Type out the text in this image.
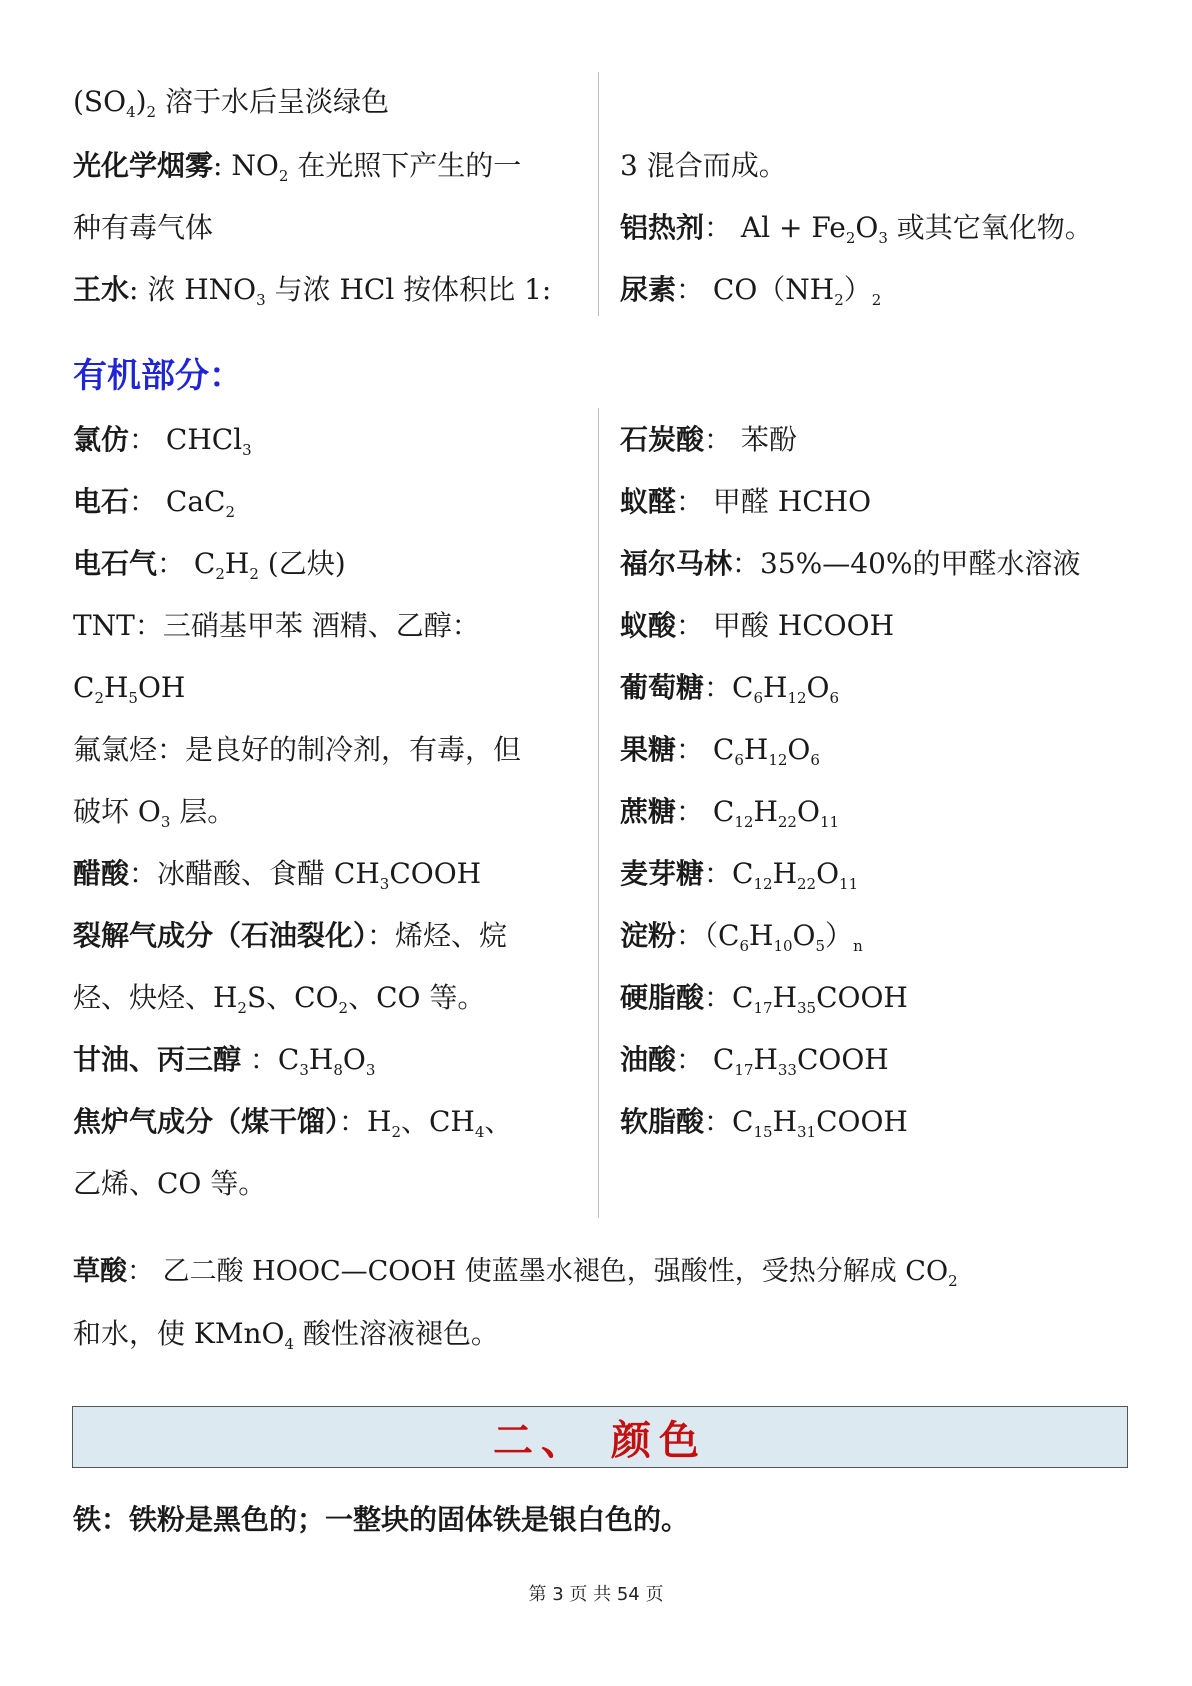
$(SO_4)_2$ 溶于水后呈淡绿色
光化学烟雾: $NO_2$ 在光照下产生的一
种有毒气体
王水: 浓 $HNO_3$ 与浓 HCl 按体积比 1:
3 混合而成。
铝热剂： $Al + Fe_2O_3$ 或其它氧化物。
尿素： $CO(NH_2)_2$
有机部分：
氯仿： CHCl$_3$
电石： CaC$_2$
电石气： $C_2H_2$ (乙炔)
TNT：三硝基甲苯 酒精、乙醇：
$C_2H_5OH$
氟氯烃：是良好的制冷剂，有毒，但
破坏 $O_3$ 层。
醋酸：冰醋酸、食醋 $CH_3COOH$
裂解气成分（石油裂化）：烯烃、烷
烃、炔烃、$H_2S$、$CO_2$、CO 等。
甘油、丙三醇 ：$C_3H_8O_3$
焦炉气成分（煤干馏）：$H_2$、$CH_4$、
乙烯、CO 等。
石炭酸： 苯酚
蚁醛： 甲醛 HCHO
福尔马林：35%—40%的甲醛水溶液
蚁酸： 甲酸 HCOOH
葡萄糖：$C_6H_{12}O_6$
果糖： $C_6H_{12}O_6$
蔗糖： $C_{12}H_{22}O_{11}$
麦芽糖：$C_{12}H_{22}O_{11}$
淀粉：$(C_6H_{10}O_5)_n$
硬脂酸：$C_{17}H_{35}COOH$
油酸： $C_{17}H_{33}COOH$
软脂酸：$C_{15}H_{31}COOH$
草酸： 乙二酸 HOOC—COOH 使蓝墨水褪色，强酸性，受热分解成 $CO_2$
和水，使 KMnO$_4$ 酸性溶液褪色。
二、 颜色
铁：铁粉是黑色的；一整块的固体铁是银白色的。
第 3 页 共 54 页
